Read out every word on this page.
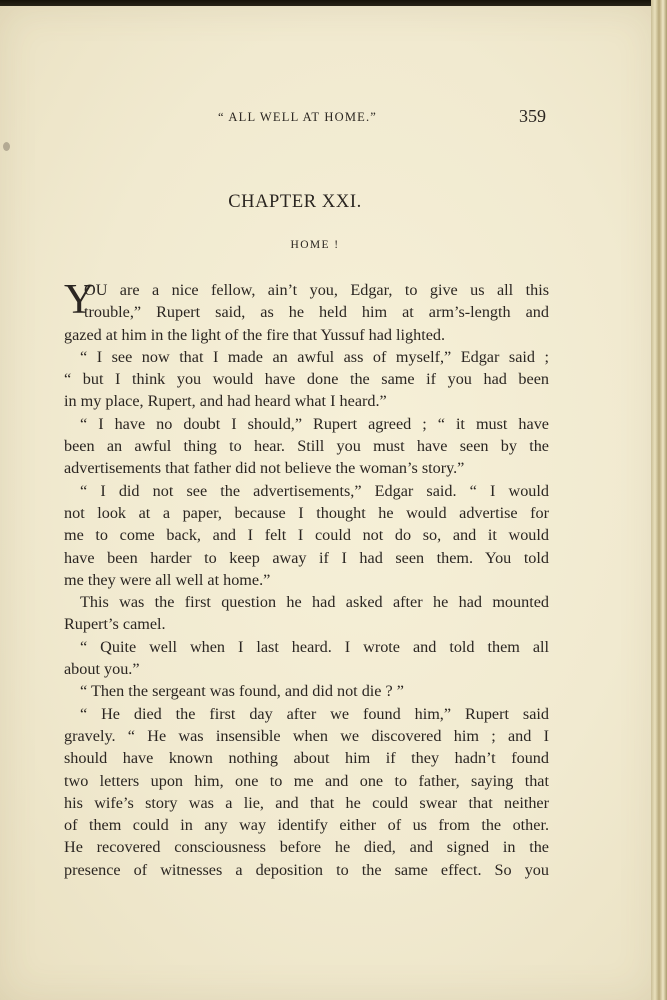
“ ALL WELL AT HOME.”	359
CHAPTER XXI.
HOME !
Y
OU are a nice fellow, ain’t you, Edgar, to give us all this
trouble,” Rupert said, as he held him at arm’s-length and
gazed at him in the light of the fire that Yussuf had lighted.
“ I see now that I made an awful ass of myself,” Edgar said ;
“ but I think you would have done the same if you had been
in my place, Rupert, and had heard what I heard.”
“ I have no doubt I should,” Rupert agreed ; “ it must have
been an awful thing to hear. Still you must have seen by the
advertisements that father did not believe the woman’s story.”
“ I did not see the advertisements,” Edgar said. “ I would
not look at a paper, because I thought he would advertise for
me to come back, and I felt I could not do so, and it would
have been harder to keep away if I had seen them. You told
me they were all well at home.”
This was the first question he had asked after he had mounted
Rupert’s camel.
“ Quite well when I last heard. I wrote and told them all
about you.”
“ Then the sergeant was found, and did not die ? ”
“ He died the first day after we found him,” Rupert said
gravely. “ He was insensible when we discovered him ; and I
should have known nothing about him if they hadn’t found
two letters upon him, one to me and one to father, saying that
his wife’s story was a lie, and that he could swear that neither
of them could in any way identify either of us from the other.
He recovered consciousness before he died, and signed in the
presence of witnesses a deposition to the same effect. So you
